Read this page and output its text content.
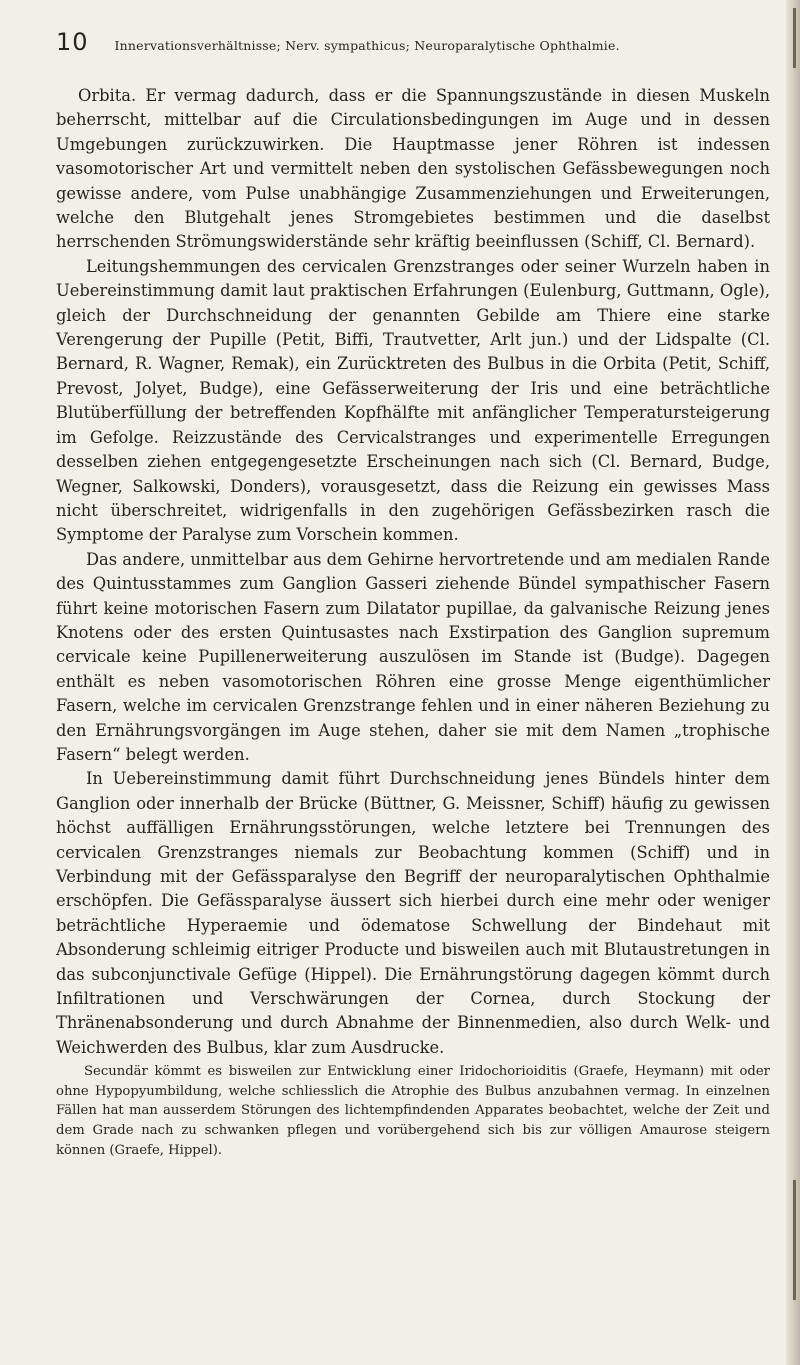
10 Innervationsverhältnisse; Nerv. sympathicus; Neuroparalytische Ophthalmie.

Orbita. Er vermag dadurch, dass er die Spannungszustände in diesen Muskeln beherrscht, mittelbar auf die Circulationsbedingungen im Auge und in dessen Umgebungen zurückzuwirken. Die Hauptmasse jener Röhren ist indessen vasomotorischer Art und vermittelt neben den systolischen Gefässbewegungen noch gewisse andere, vom Pulse unabhängige Zusammenziehungen und Erweiterungen, welche den Blutgehalt jenes Stromgebietes bestimmen und die daselbst herrschenden Strömungswiderstände sehr kräftig beeinflussen (Schiff, Cl. Bernard).

Leitungshemmungen des cervicalen Grenzstranges oder seiner Wurzeln haben in Uebereinstimmung damit laut praktischen Erfahrungen (Eulenburg, Guttmann, Ogle), gleich der Durchschneidung der genannten Gebilde am Thiere eine starke Verengerung der Pupille (Petit, Biffi, Trautvetter, Arlt jun.) und der Lidspalte (Cl. Bernard, R. Wagner, Remak), ein Zurücktreten des Bulbus in die Orbita (Petit, Schiff, Prevost, Jolyet, Budge), eine Gefässerweiterung der Iris und eine beträchtliche Blutüberfüllung der betreffenden Kopfhälfte mit anfänglicher Temperatursteigerung im Gefolge. Reizzustände des Cervicalstranges und experimentelle Erregungen desselben ziehen entgegengesetzte Erscheinungen nach sich (Cl. Bernard, Budge, Wegner, Salkowski, Donders), vorausgesetzt, dass die Reizung ein gewisses Mass nicht überschreitet, widrigenfalls in den zugehörigen Gefässbezirken rasch die Symptome der Paralyse zum Vorschein kommen.

Das andere, unmittelbar aus dem Gehirne hervortretende und am medialen Rande des Quintusstammes zum Ganglion Gasseri ziehende Bündel sympathischer Fasern führt keine motorischen Fasern zum Dilatator pupillae, da galvanische Reizung jenes Knotens oder des ersten Quintusastes nach Exstirpation des Ganglion supremum cervicale keine Pupillenerweiterung auszulösen im Stande ist (Budge). Dagegen enthält es neben vasomotorischen Röhren eine grosse Menge eigenthümlicher Fasern, welche im cervicalen Grenzstrange fehlen und in einer näheren Beziehung zu den Ernährungsvorgängen im Auge stehen, daher sie mit dem Namen „trophische Fasern“ belegt werden.

In Uebereinstimmung damit führt Durchschneidung jenes Bündels hinter dem Ganglion oder innerhalb der Brücke (Büttner, G. Meissner, Schiff) häufig zu gewissen höchst auffälligen Ernährungsstörungen, welche letztere bei Trennungen des cervicalen Grenzstranges niemals zur Beobachtung kommen (Schiff) und in Verbindung mit der Gefässparalyse den Begriff der neuroparalytischen Ophthalmie erschöpfen. Die Gefässparalyse äussert sich hierbei durch eine mehr oder weniger beträchtliche Hyperaemie und ödematose Schwellung der Bindehaut mit Absonderung schleimig eitriger Producte und bisweilen auch mit Blutaustretungen in das subconjunctivale Gefüge (Hippel). Die Ernährungstörung dagegen kömmt durch Infiltrationen und Verschwärungen der Cornea, durch Stockung der Thränenabsonderung und durch Abnahme der Binnenmedien, also durch Welk- und Weichwerden des Bulbus, klar zum Ausdrucke.

Secundär kömmt es bisweilen zur Entwicklung einer Iridochorioiditis (Graefe, Heymann) mit oder ohne Hypopyumbildung, welche schliesslich die Atrophie des Bulbus anzubahnen vermag. In einzelnen Fällen hat man ausserdem Störungen des lichtempfindenden Apparates beobachtet, welche der Zeit und dem Grade nach zu schwanken pflegen und vorübergehend sich bis zur völligen Amaurose steigern können (Graefe, Hippel).
